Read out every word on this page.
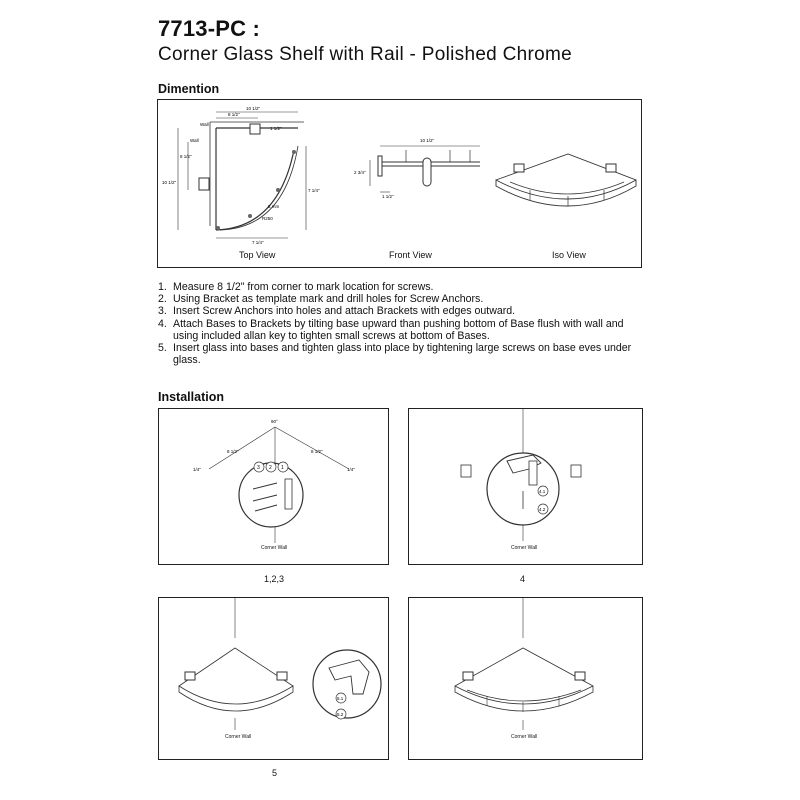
7713-PC :
Corner Glass Shelf with Rail - Polished Chrome
Dimention
10 1/2"
8 1/2"
1 1/2"
Wall
Wall
8 1/2"
10 1/2"
7 1/4"
5 mm
R250
7 1/4"
10 1/2"
2 3/4"
1 1/2"
Top View	Front View	Iso View
1. Measure 8 1/2" from corner to mark location for screws.
2. Using Bracket as template mark and drill holes for Screw Anchors.
3. Insert Screw Anchors into holes and attach Brackets with edges outward.
4. Attach Bases to Brackets by tilting base upward than pushing bottom of Base flush with wall and using included allan key to tighten small screws at bottom of Bases.
5. Insert glass into bases and tighten glass into place by tightening large screws on base eves under glass.
Installation
90°
8 1/2"	8 1/2"
1/4"	1/4"
3 2 1
Corner Wall
1,2,3
4.1
4.2
Corner Wall
4
5.1
5.2
Corner Wall
5
Corner Wall
